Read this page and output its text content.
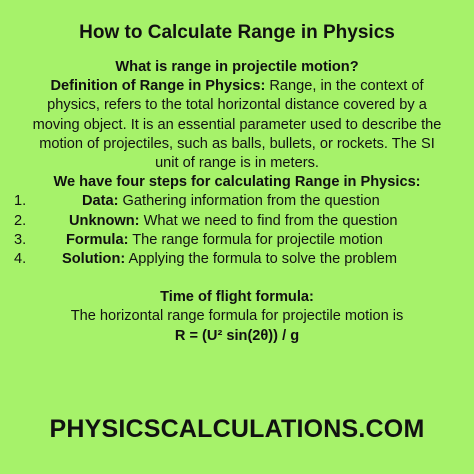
How to Calculate Range in Physics
What is range in projectile motion?
Definition of Range in Physics: Range, in the context of
physics, refers to the total horizontal distance covered by a
moving object. It is an essential parameter used to describe the
motion of projectiles, such as balls, bullets, or rockets. The SI
unit of range is in meters.
We have four steps for calculating Range in Physics:
1.	Data: Gathering information from the question
2.	Unknown: What we need to find from the question
3.	Formula: The range formula for projectile motion
4. Solution: Applying the formula to solve the problem
Time of flight formula:
The horizontal range formula for projectile motion is
R = (U² sin(2θ)) / g
PHYSICSCALCULATIONS.COM
